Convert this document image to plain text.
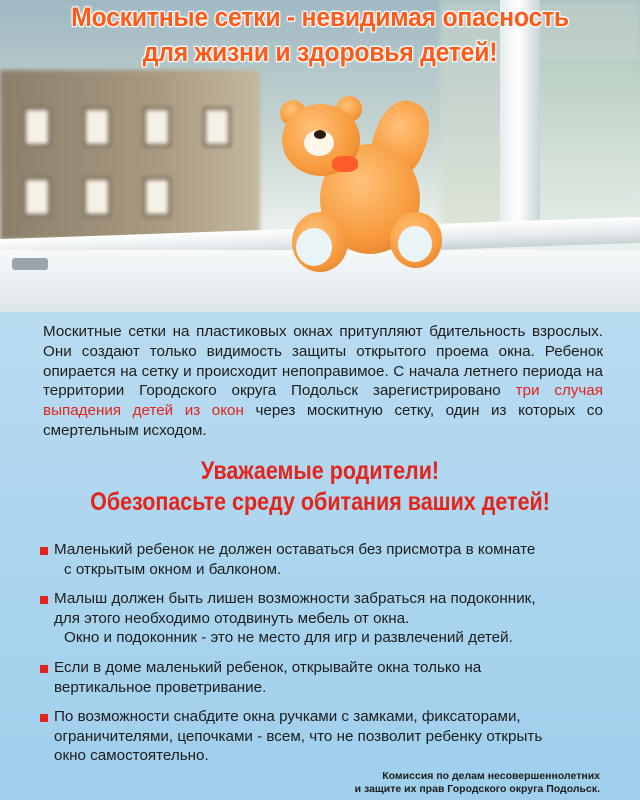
Москитные сетки - невидимая опасность
для жизни и здоровья детей!

Москитные сетки на пластиковых окнах притупляют бдительность взрослых. Они создают только видимость защиты открытого проема окна. Ребенок опирается на сетку и происходит непоправимое. С начала летнего периода на территории Городского округа Подольск зарегистрировано три случая выпадения детей из окон через москитную сетку, один из которых со смертельным исходом.

Уважаемые родители!
Обезопасьте среду обитания ваших детей!
Маленький ребенок не должен оставаться без присмотра в комнате
с открытым окном и балконом.
Малыш должен быть лишен возможности забраться на подоконник,
для этого необходимо отодвинуть мебель от окна.
Окно и подоконник - это не место для игр и развлечений детей.
Если в доме маленький ребенок, открывайте окна только на
вертикальное проветривание.
По возможности снабдите окна ручками с замками, фиксаторами,
ограничителями, цепочками - всем, что не позволит ребенку открыть
окно самостоятельно.

Комиссия по делам несовершеннолетних
и защите их прав Городского округа Подольск.
